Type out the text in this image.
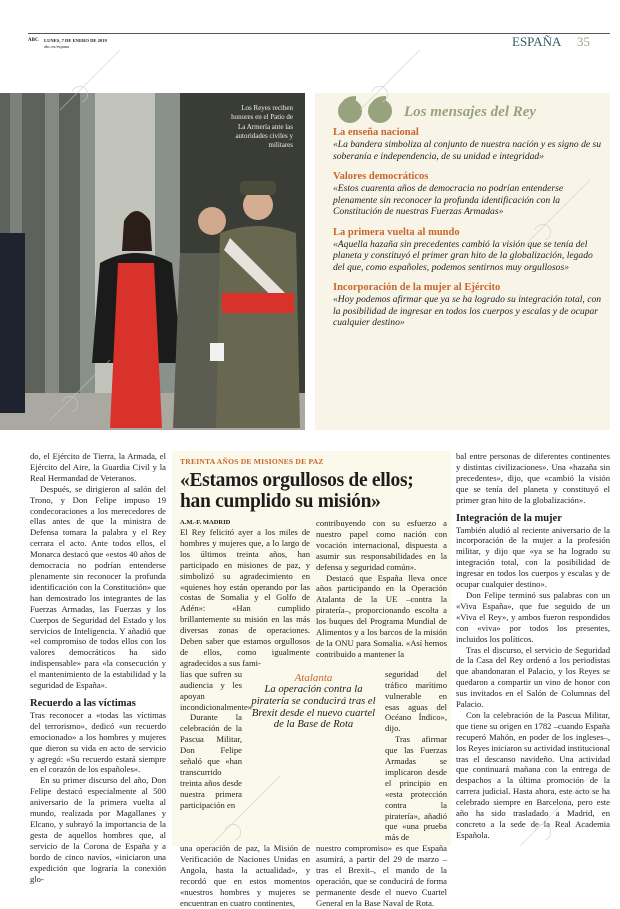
ABC LUNES, 7 DE ENERO DE 2019
abc.es/espana	ESPAÑA 35
Los Reyes reciben honores en el Patio de La Armería ante las autoridades civiles y militares
Los mensajes del Rey
La enseña nacional

«La bandera simboliza al conjunto de nuestra nación y es signo de su soberanía e independencia, de su unidad e integridad»

Valores democráticos

«Estos cuarenta años de democracia no podrían entenderse plenamente sin reconocer la profunda identificación con la Constitución de nuestras Fuerzas Armadas»

La primera vuelta al mundo

«Aquella hazaña sin precedentes cambió la visión que se tenía del planeta y constituyó el primer gran hito de la globalización, legado del que, como españoles, podemos sentirnos muy orgullosos»

Incorporación de la mujer al Ejército

«Hoy podemos afirmar que ya se ha logrado su integración total, con la posibilidad de ingresar en todos los cuerpos y escalas y de ocupar cualquier destino»

do, el Ejército de Tierra, la Armada, el Ejército del Aire, la Guardia Civil y la Real Hermandad de Veteranos.

Después, se dirigieron al salón del Trono, y Don Felipe impuso 19 condecoraciones a los merecedores de ellas antes de que la ministra de Defensa tomara la palabra y el Rey cerrara el acto. Ante todos ellos, el Monarca destacó que «estos 40 años de democracia no podrían entenderse plenamente sin reconocer la profunda identificación con la Constitución» que han demostrado los integrantes de las Fuerzas Armadas, las Fuerzas y los Cuerpos de Seguridad del Estado y los servicios de Inteligencia. Y añadió que «el compromiso de todos ellos con los valores democráticos ha sido indispensable» para «la consecución y el mantenimiento de la estabilidad y la seguridad de España».

Recuerdo a las víctimas

Tras reconocer a «todas las víctimas del terrorismo», dedicó «un recuerdo emocionado» a los hombres y mujeres que dieron su vida en acto de servicio y agregó: «Su recuerdo estará siempre en el corazón de los españoles».

En su primer discurso del año, Don Felipe destacó especialmente al 500 aniversario de la primera vuelta al mundo, realizada por Magallanes y Elcano, y subrayó la importancia de la gesta de aquellos hombres que, al servicio de la Corona de España y a bordo de cinco navíos, «iniciaron una expedición que lograría la conexión glo-

TREINTA AÑOS DE MISIONES DE PAZ
«Estamos orgullosos de ellos; han cumplido su misión»
A.M.-F. MADRID

El Rey felicitó ayer a los miles de hombres y mujeres que, a lo largo de los últimos treinta años, han participado en misiones de paz, y simbolizó su agradecimiento en «quienes hoy están operando por las costas de Somalia y el Golfo de Adén»: «Han cumplido brillantemente su misión en las más diversas zonas de operaciones. Deben saber que estamos orgullosos de ellos, como igualmente agradecidos a sus fami-

contribuyendo con su esfuerzo a nuestro papel como nación con vocación internacional, dispuesta a asumir sus responsabilidades en la defensa y seguridad común».

Destacó que España lleva once años participando en la Operación Atalanta de la UE –contra la piratería–, proporcionando escolta a los buques del Programa Mundial de Alimentos y a los barcos de la misión de la ONU para Somalia. «Así hemos contribuido a mantener la

lias que sufren su audiencia y les apoyan incondicionalmente».

Durante la celebración de la Pascua Militar, Don Felipe señaló que «han transcurrido treinta años desde nuestra primera participación en

Atalanta
La operación contra la piratería se conducirá tras el Brexit desde el nuevo cuartel de la Base de Rota

seguridad del tráfico marítimo vulnerable en esas aguas del Océano Índico», dijo.

Tras afirmar que las Fuerzas Armadas se implicaron desde el principio en «esta protección contra la piratería», añadió que «una prueba más de

una operación de paz, la Misión de Verificación de Naciones Unidas en Angola, hasta la actualidad», y recordó que en estos momentos «nuestros hombres y mujeres se encuentran en cuatro continentes,

nuestro compromiso» es que España asumirá, a partir del 29 de marzo –tras el Brexit–, el mando de la operación, que se conducirá de forma permanente desde el nuevo Cuartel General en la Base Naval de Rota.

bal entre personas de diferentes continentes y distintas civilizaciones». Una «hazaña sin precedentes», dijo, que «cambió la visión que se tenía del planeta y constituyó el primer gran hito de la globalización».

Integración de la mujer

También aludió al reciente aniversario de la incorporación de la mujer a la profesión militar, y dijo que «ya se ha logrado su integración total, con la posibilidad de ingresar en todos los cuerpos y escalas y de ocupar cualquier destino».

Don Felipe terminó sus palabras con un «Viva España», que fue seguido de un «Viva el Rey», y ambos fueron respondidos con «viva» por todos los presentes, incluidos los políticos.

Tras el discurso, el servicio de Seguridad de la Casa del Rey ordenó a los periodistas que abandonaran el Palacio, y los Reyes se quedaron a compartir un vino de honor con sus invitados en el Salón de Columnas del Palacio.

Con la celebración de la Pascua Militar, que tiene su origen en 1782 –cuando España recuperó Mahón, en poder de los ingleses–, los Reyes iniciaron su actividad institucional tras el descanso navideño. Una actividad que continuará mañana con la entrega de despachos a la última promoción de la carrera judicial. Hasta ahora, este acto se ha celebrado siempre en Barcelona, pero este año ha sido trasladado a Madrid, en concreto a la sede de la Real Academia Española.
